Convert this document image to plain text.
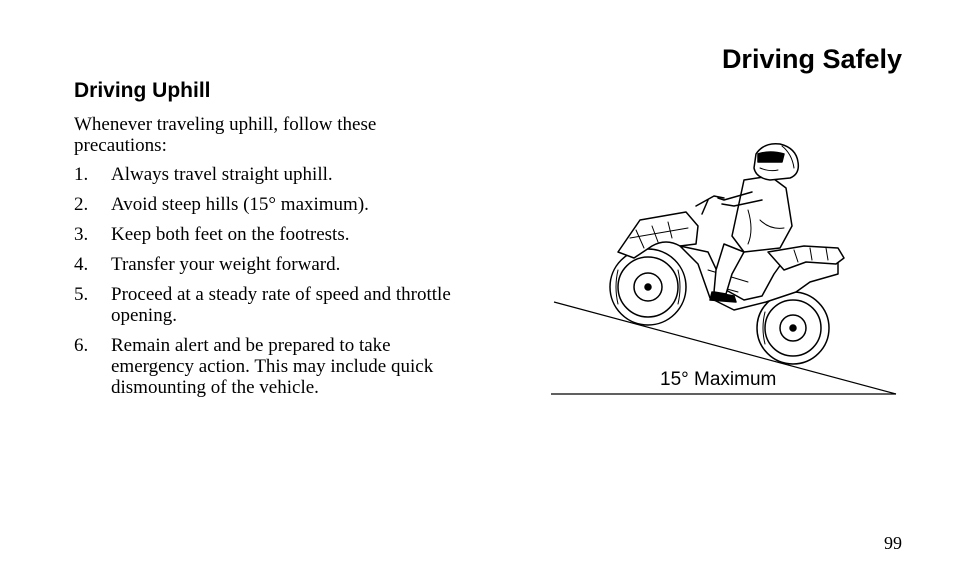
Driving Safely
Driving Uphill

Whenever traveling uphill, follow these precautions:

1. Always travel straight uphill.
2. Avoid steep hills (15° maximum).
3. Keep both feet on the footrests.
4. Transfer your weight forward.
5. Proceed at a steady rate of speed and throttle opening.
6. Remain alert and be prepared to take emergency action. This may include quick dismounting of the vehicle.	15° Maximum
99
